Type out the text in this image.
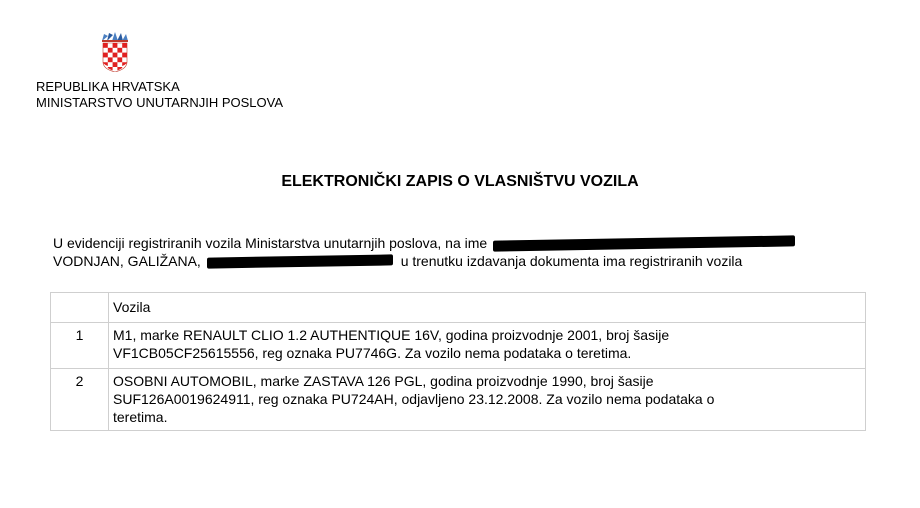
REPUBLIKA HRVATSKA
MINISTARSTVO UNUTARNJIH POSLOVA
ELEKTRONIČKI ZAPIS O VLASNIŠTVU VOZILA
U evidenciji registriranih vozila Ministarstva unutarnjih poslova, na ime
VODNJAN, GALIŽANA,	u trenutku izdavanja dokumenta ima registriranih vozila
	Vozila
1	M1, marke RENAULT CLIO 1.2 AUTHENTIQUE 16V, godina proizvodnje 2001, broj šasije
VF1CB05CF25615556, reg oznaka PU7746G. Za vozilo nema podataka o teretima.

2	OSOBNI AUTOMOBIL, marke ZASTAVA 126 PGL, godina proizvodnje 1990, broj šasije
SUF126A0019624911, reg oznaka PU724AH, odjavljeno 23.12.2008. Za vozilo nema podataka o
teretima.
